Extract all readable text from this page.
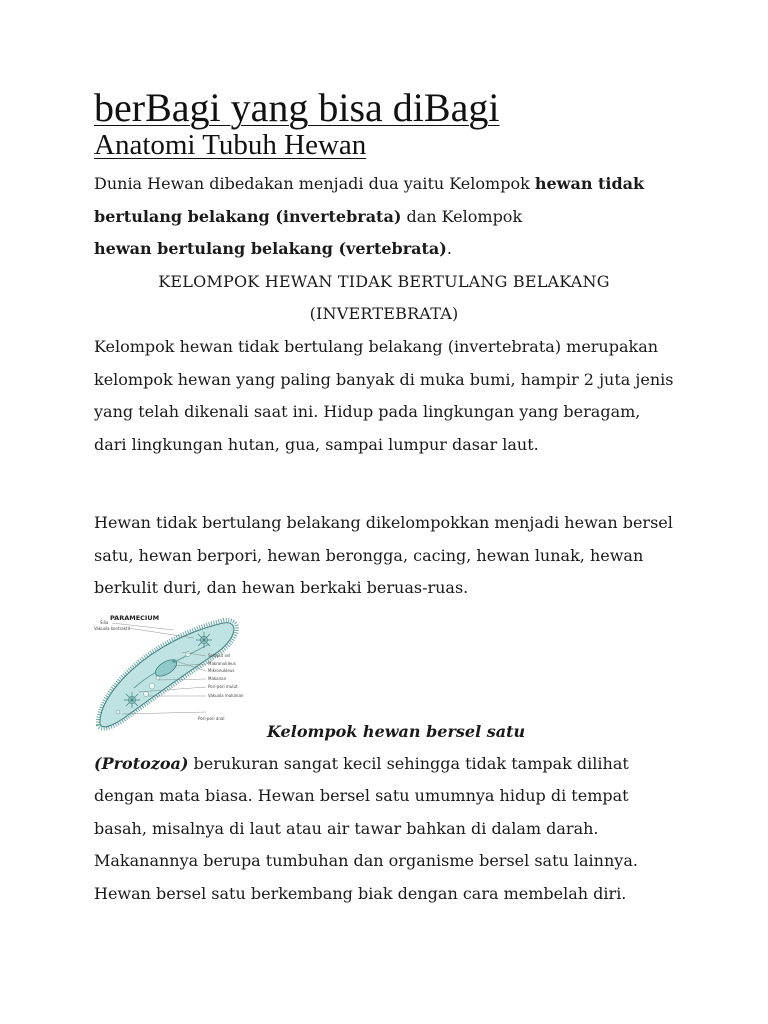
berBagi yang bisa diBagi
Anatomi Tubuh Hewan

Dunia Hewan dibedakan menjadi dua yaitu Kelompok hewan tidak bertulang belakang (invertebrata) dan Kelompok hewan bertulang belakang (vertebrata).

KELOMPOK HEWAN TIDAK BERTULANG BELAKANG
(INVERTEBRATA)

Kelompok hewan tidak bertulang belakang (invertebrata) merupakan kelompok hewan yang paling banyak di muka bumi, hampir 2 juta jenis yang telah dikenali saat ini. Hidup pada lingkungan yang beragam, dari lingkungan hutan, gua, sampai lumpur dasar laut.

Hewan tidak bertulang belakang dikelompokkan menjadi hewan bersel satu, hewan berpori, hewan berongga, cacing, hewan lunak, hewan berkulit duri, dan hewan berkaki beruas-ruas.

(Protozoa) berukuran sangat kecil sehingga tidak tampak dilihat dengan mata biasa. Hewan bersel satu umumnya hidup di tempat basah, misalnya di laut atau air tawar bahkan di dalam darah. Makanannya berupa tumbuhan dan organisme bersel satu lainnya. Hewan bersel satu berkembang biak dengan cara membelah diri.

PARAMECIUM
Silia
Vakuola kontraktil
Selaput sel
Makronukleus
Mikronukleus
Makanan
Pori-pori mulut
Vakuola makanan
Pori-pori anal

Kelompok hewan bersel satu
